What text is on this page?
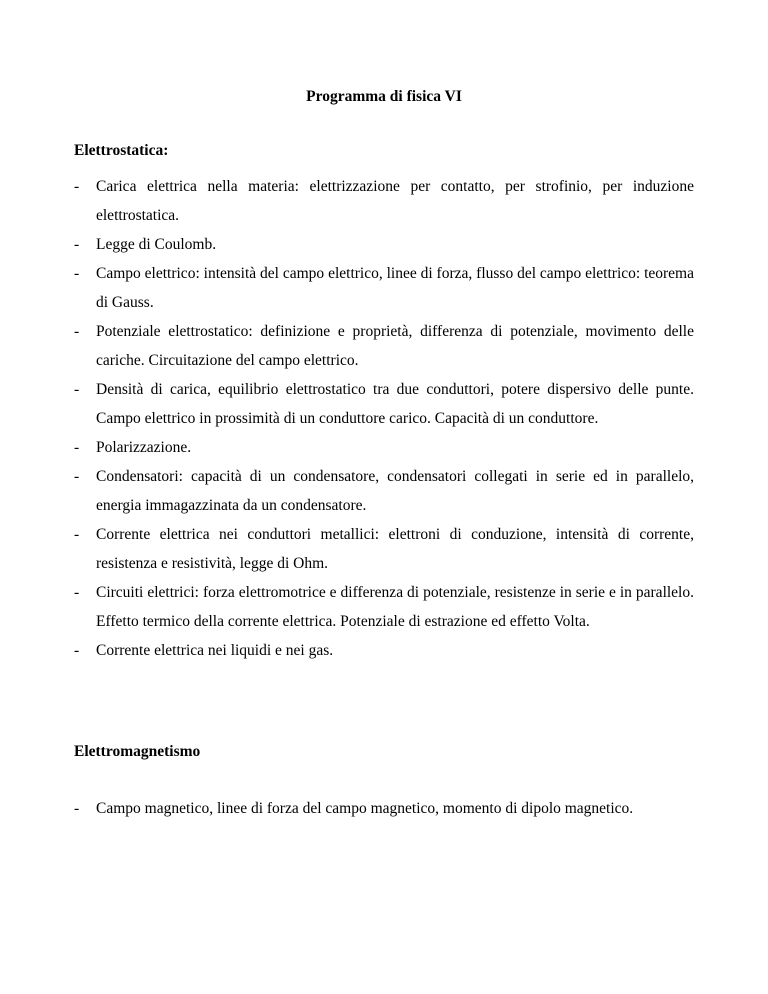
Programma di fisica VI
Elettrostatica:
-	Carica elettrica nella materia: elettrizzazione per contatto, per strofinio, per induzione elettrostatica.
-	Legge di Coulomb.
-	Campo elettrico: intensità del campo elettrico, linee di forza, flusso del campo elettrico: teorema di Gauss.
-	Potenziale elettrostatico: definizione e proprietà, differenza di potenziale, movimento delle cariche. Circuitazione del campo elettrico.
-	Densità di carica, equilibrio elettrostatico tra due conduttori, potere dispersivo delle punte. Campo elettrico in prossimità di un conduttore carico. Capacità di un conduttore.
-	Polarizzazione.
-	Condensatori: capacità di un condensatore, condensatori collegati in serie ed in parallelo, energia immagazzinata da un condensatore.
-	Corrente elettrica nei conduttori metallici: elettroni di conduzione, intensità di corrente, resistenza e resistività, legge di Ohm.
-	Circuiti elettrici: forza elettromotrice e differenza di potenziale, resistenze in serie e in parallelo. Effetto termico della corrente elettrica. Potenziale di estrazione ed effetto Volta.
-	Corrente elettrica nei liquidi e nei gas.
Elettromagnetismo
-	Campo magnetico, linee di forza del campo magnetico, momento di dipolo magnetico.
